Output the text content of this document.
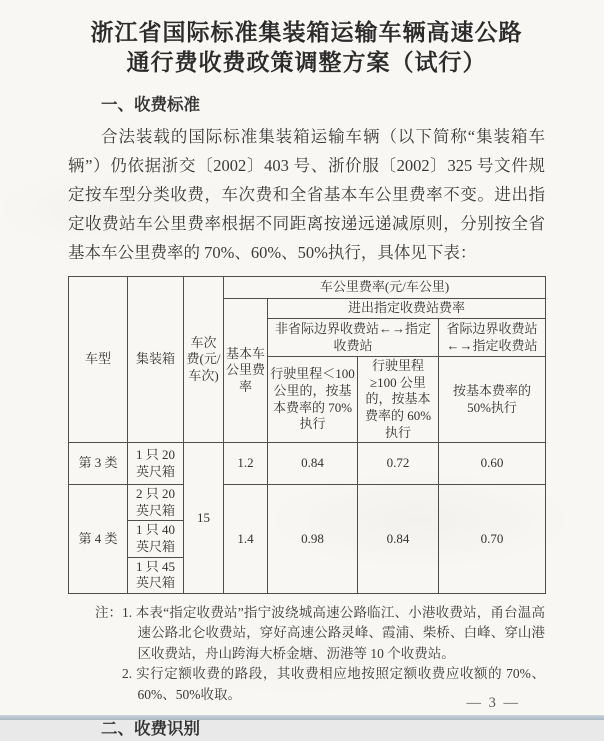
浙江省国际标准集装箱运输车辆高速公路
通行费收费政策调整方案（试行）
一、收费标准

合法装载的国际标准集装箱运输车辆（以下简称“集装箱车辆”）仍依据浙交〔2002〕403 号、浙价服〔2002〕325 号文件规定按车型分类收费，车次费和全省基本车公里费率不变。进出指定收费站车公里费率根据不同距离按递远递减原则，分别按全省基本车公里费率的 70%、60%、50%执行，具体见下表：

车型	集装箱	车次费(元/车次)	车公里费率(元/车公里)			
			基本车公里费率	进出指定收费站费率		
				非省际边界收费站←→指定收费站		省际边界收费站←→指定收费站
				行驶里程＜100 公里的，按基本费率的 70%执行	行驶里程≥100 公里的，按基本费率的 60%执行	按基本费率的 50%执行
第 3 类	1 只 20 英尺箱	15	1.2	0.84	0.72	0.60
第 4 类	2 只 20 英尺箱		1.4	0.98	0.84	0.70
	1 只 40 英尺箱					
	1 只 45 英尺箱					
注： 1. 本表“指定收费站”指宁波绕城高速公路临江、小港收费站，甬台温高速公路北仑收费站，穿好高速公路灵峰、霞浦、柴桥、白峰、穿山港区收费站，舟山跨海大桥金塘、沥港等 10 个收费站。

2. 实行定额收费的路段，其收费相应地按照定额收费应收额的 70%、60%、50%收取。

二、收费识别
— 3 —
